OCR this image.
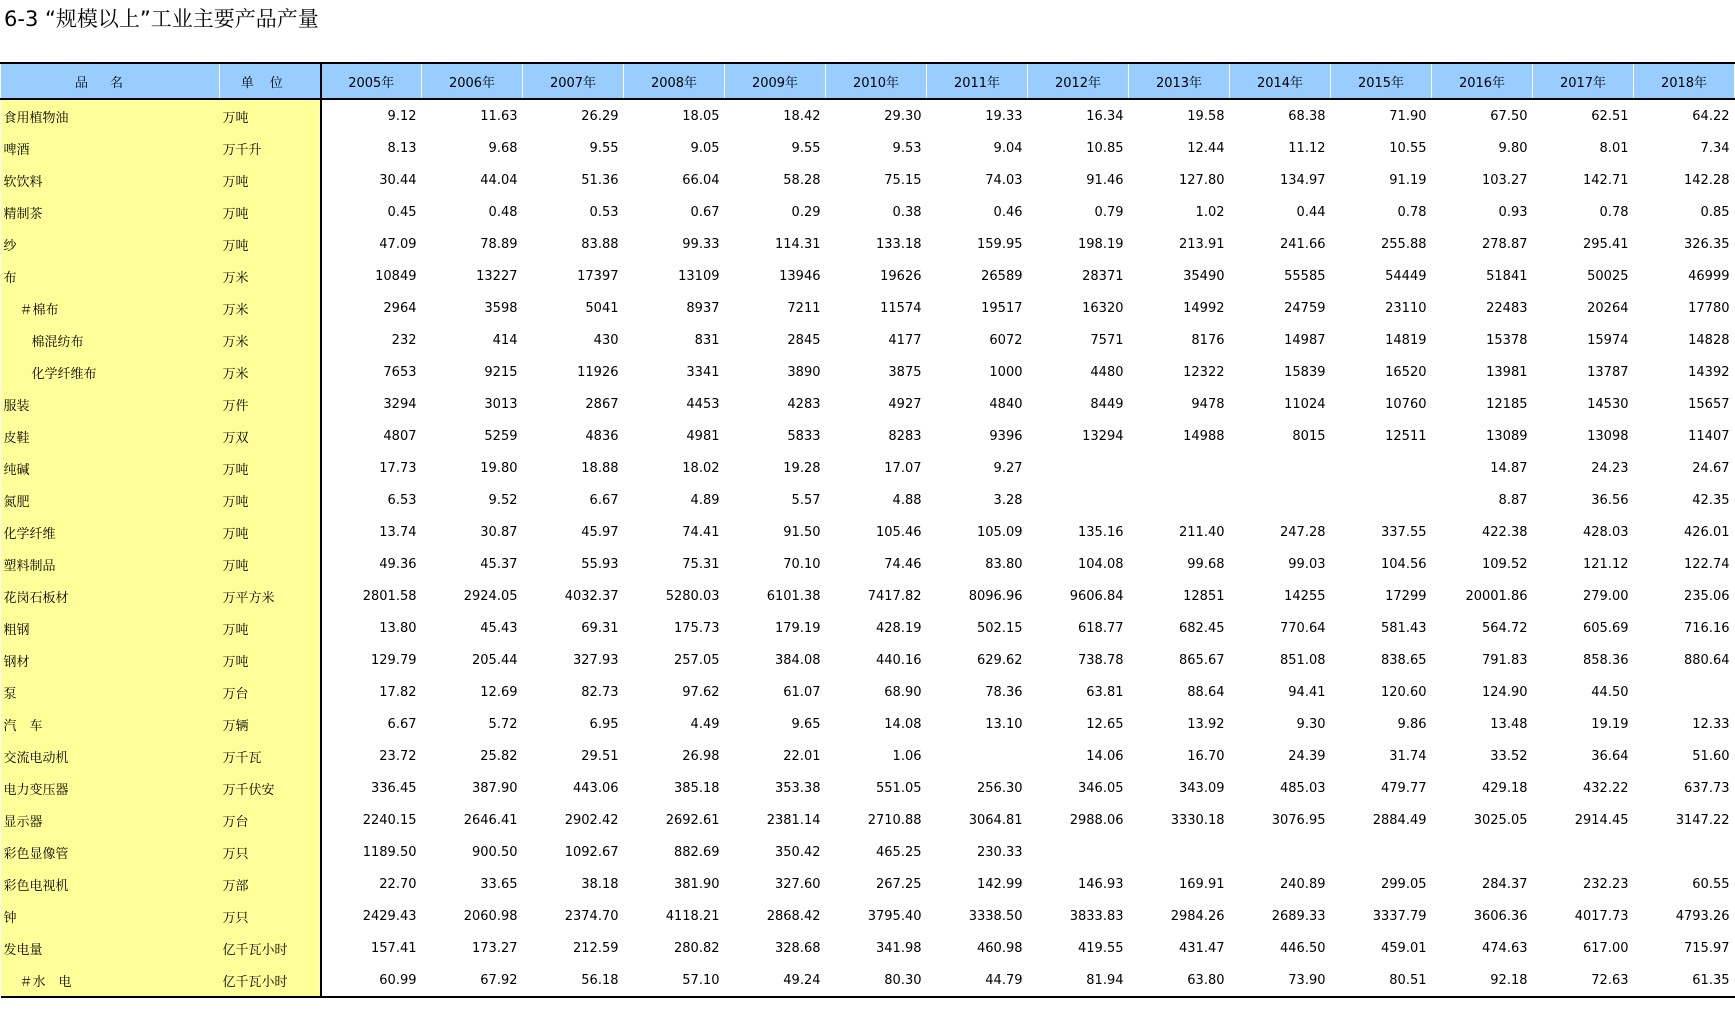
6-3 “规模以上”工业主要产品产量
品名	单位	2005年	2006年	2007年	2008年	2009年	2010年	2011年	2012年	2013年	2014年	2015年	2016年	2017年	2018年
食用植物油	万吨	9.12	11.63	26.29	18.05	18.42	29.30	19.33	16.34	19.58	68.38	71.90	67.50	62.51	64.22
啤酒	万千升	8.13	9.68	9.55	9.05	9.55	9.53	9.04	10.85	12.44	11.12	10.55	9.80	8.01	7.34
软饮料	万吨	30.44	44.04	51.36	66.04	58.28	75.15	74.03	91.46	127.80	134.97	91.19	103.27	142.71	142.28
精制茶	万吨	0.45	0.48	0.53	0.67	0.29	0.38	0.46	0.79	1.02	0.44	0.78	0.93	0.78	0.85
纱	万吨	47.09	78.89	83.88	99.33	114.31	133.18	159.95	198.19	213.91	241.66	255.88	278.87	295.41	326.35
布	万米	10849	13227	17397	13109	13946	19626	26589	28371	35490	55585	54449	51841	50025	46999
＃棉布	万米	2964	3598	5041	8937	7211	11574	19517	16320	14992	24759	23110	22483	20264	17780
棉混纺布	万米	232	414	430	831	2845	4177	6072	7571	8176	14987	14819	15378	15974	14828
化学纤维布	万米	7653	9215	11926	3341	3890	3875	1000	4480	12322	15839	16520	13981	13787	14392
服装	万件	3294	3013	2867	4453	4283	4927	4840	8449	9478	11024	10760	12185	14530	15657
皮鞋	万双	4807	5259	4836	4981	5833	8283	9396	13294	14988	8015	12511	13089	13098	11407
纯碱	万吨	17.73	19.80	18.88	18.02	19.28	17.07	9.27					14.87	24.23	24.67
氮肥	万吨	6.53	9.52	6.67	4.89	5.57	4.88	3.28					8.87	36.56	42.35
化学纤维	万吨	13.74	30.87	45.97	74.41	91.50	105.46	105.09	135.16	211.40	247.28	337.55	422.38	428.03	426.01
塑料制品	万吨	49.36	45.37	55.93	75.31	70.10	74.46	83.80	104.08	99.68	99.03	104.56	109.52	121.12	122.74
花岗石板材	万平方米	2801.58	2924.05	4032.37	5280.03	6101.38	7417.82	8096.96	9606.84	12851	14255	17299	20001.86	279.00	235.06
粗钢	万吨	13.80	45.43	69.31	175.73	179.19	428.19	502.15	618.77	682.45	770.64	581.43	564.72	605.69	716.16
钢材	万吨	129.79	205.44	327.93	257.05	384.08	440.16	629.62	738.78	865.67	851.08	838.65	791.83	858.36	880.64
泵	万台	17.82	12.69	82.73	97.62	61.07	68.90	78.36	63.81	88.64	94.41	120.60	124.90	44.50	
汽　车	万辆	6.67	5.72	6.95	4.49	9.65	14.08	13.10	12.65	13.92	9.30	9.86	13.48	19.19	12.33
交流电动机	万千瓦	23.72	25.82	29.51	26.98	22.01	1.06		14.06	16.70	24.39	31.74	33.52	36.64	51.60
电力变压器	万千伏安	336.45	387.90	443.06	385.18	353.38	551.05	256.30	346.05	343.09	485.03	479.77	429.18	432.22	637.73
显示器	万台	2240.15	2646.41	2902.42	2692.61	2381.14	2710.88	3064.81	2988.06	3330.18	3076.95	2884.49	3025.05	2914.45	3147.22
彩色显像管	万只	1189.50	900.50	1092.67	882.69	350.42	465.25	230.33							
彩色电视机	万部	22.70	33.65	38.18	381.90	327.60	267.25	142.99	146.93	169.91	240.89	299.05	284.37	232.23	60.55
钟	万只	2429.43	2060.98	2374.70	4118.21	2868.42	3795.40	3338.50	3833.83	2984.26	2689.33	3337.79	3606.36	4017.73	4793.26
发电量	亿千瓦小时	157.41	173.27	212.59	280.82	328.68	341.98	460.98	419.55	431.47	446.50	459.01	474.63	617.00	715.97
＃水　电	亿千瓦小时	60.99	67.92	56.18	57.10	49.24	80.30	44.79	81.94	63.80	73.90	80.51	92.18	72.63	61.35
